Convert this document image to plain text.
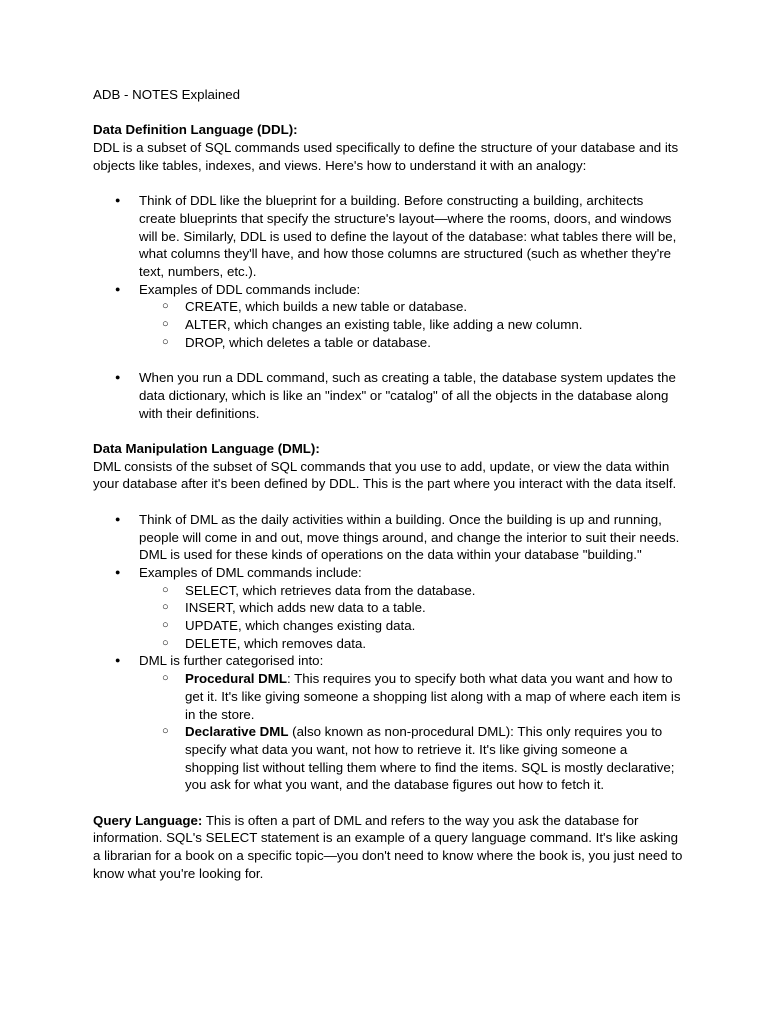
ADB - NOTES Explained

Data Definition Language (DDL):

DDL is a subset of SQL commands used specifically to define the structure of your database and its objects like tables, indexes, and views. Here's how to understand it with an analogy:

● Think of DDL like the blueprint for a building. Before constructing a building, architects create blueprints that specify the structure's layout—where the rooms, doors, and windows will be. Similarly, DDL is used to define the layout of the database: what tables there will be, what columns they'll have, and how those columns are structured (such as whether they're text, numbers, etc.).
● Examples of DDL commands include:
○ CREATE, which builds a new table or database.
○ ALTER, which changes an existing table, like adding a new column.
○ DROP, which deletes a table or database.
● When you run a DDL command, such as creating a table, the database system updates the data dictionary, which is like an "index" or "catalog" of all the objects in the database along with their definitions.

Data Manipulation Language (DML):

DML consists of the subset of SQL commands that you use to add, update, or view the data within your database after it's been defined by DDL. This is the part where you interact with the data itself.

● Think of DML as the daily activities within a building. Once the building is up and running, people will come in and out, move things around, and change the interior to suit their needs. DML is used for these kinds of operations on the data within your database "building."
● Examples of DML commands include:
○ SELECT, which retrieves data from the database.
○ INSERT, which adds new data to a table.
○ UPDATE, which changes existing data.
○ DELETE, which removes data.
● DML is further categorised into:
○ Procedural DML: This requires you to specify both what data you want and how to get it. It's like giving someone a shopping list along with a map of where each item is in the store.
○ Declarative DML (also known as non-procedural DML): This only requires you to specify what data you want, not how to retrieve it. It's like giving someone a shopping list without telling them where to find the items. SQL is mostly declarative; you ask for what you want, and the database figures out how to fetch it.

Query Language: This is often a part of DML and refers to the way you ask the database for information. SQL's SELECT statement is an example of a query language command. It's like asking a librarian for a book on a specific topic—you don't need to know where the book is, you just need to know what you're looking for.
